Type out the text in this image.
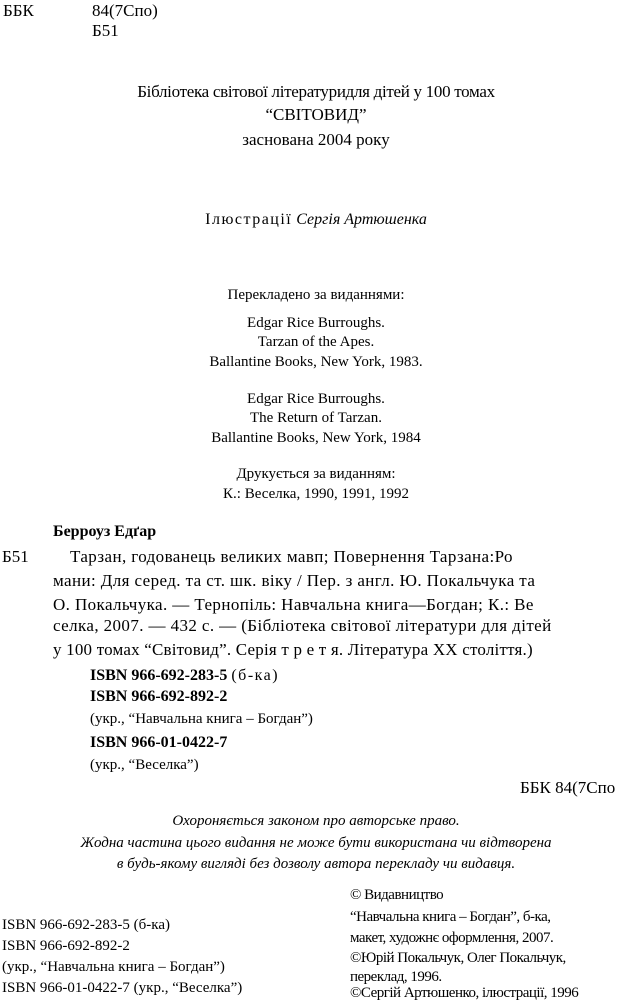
ББК	84(7Спо)
Б51
Бібліотека світової літературидля дітей у 100 томах
“СВІТОВИД”
заснована 2004 року
Ілюстрації Сергія Артюшенка
Перекладено за виданнями:
Edgar Rice Burroughs.
Tarzan of the Apes.
Ballantine Books, New York, 1983.
Edgar Rice Burroughs.
The Return of Tarzan.
Ballantine Books, New York, 1984
Друкується за виданням:
К.: Веселка, 1990, 1991, 1992
Берроуз Едґар
Б51 Тарзан, годованець великих мавп; Повернення Тарзана:Ро
мани: Для серед. та ст. шк. віку / Пер. з англ. Ю. Покальчука та
О. Покальчука. — Тернопіль: Навчальна книга—Богдан; К.: Ве
селка, 2007. — 432 с. — (Бібліотека світової літератури для дітей
у 100 томах “Світовид”. Серія т р е т я. Література XX століття.)
ISBN 966-692-283-5 (б-ка)
ISBN 966-692-892-2
(укр., “Навчальна книга – Богдан”)
ISBN 966-01-0422-7
(укр., “Веселка”)
ББК 84(7Спо
Охороняється законом про авторське право.
Жодна частина цього видання не може бути використана чи відтворена
в будь-якому вигляді без дозволу автора перекладу чи видавця.
ISBN 966-692-283-5 (б-ка)
ISBN 966-692-892-2
(укр., “Навчальна книга – Богдан”)
ISBN 966-01-0422-7 (укр., “Веселка”)
© Видавництво
“Навчальна книга – Богдан”, б-ка,
макет, художнє оформлення, 2007.
©Юрій Покальчук, Олег Покальчук,
переклад, 1996.
©Сергій Артюшенко, ілюстрації, 1996
